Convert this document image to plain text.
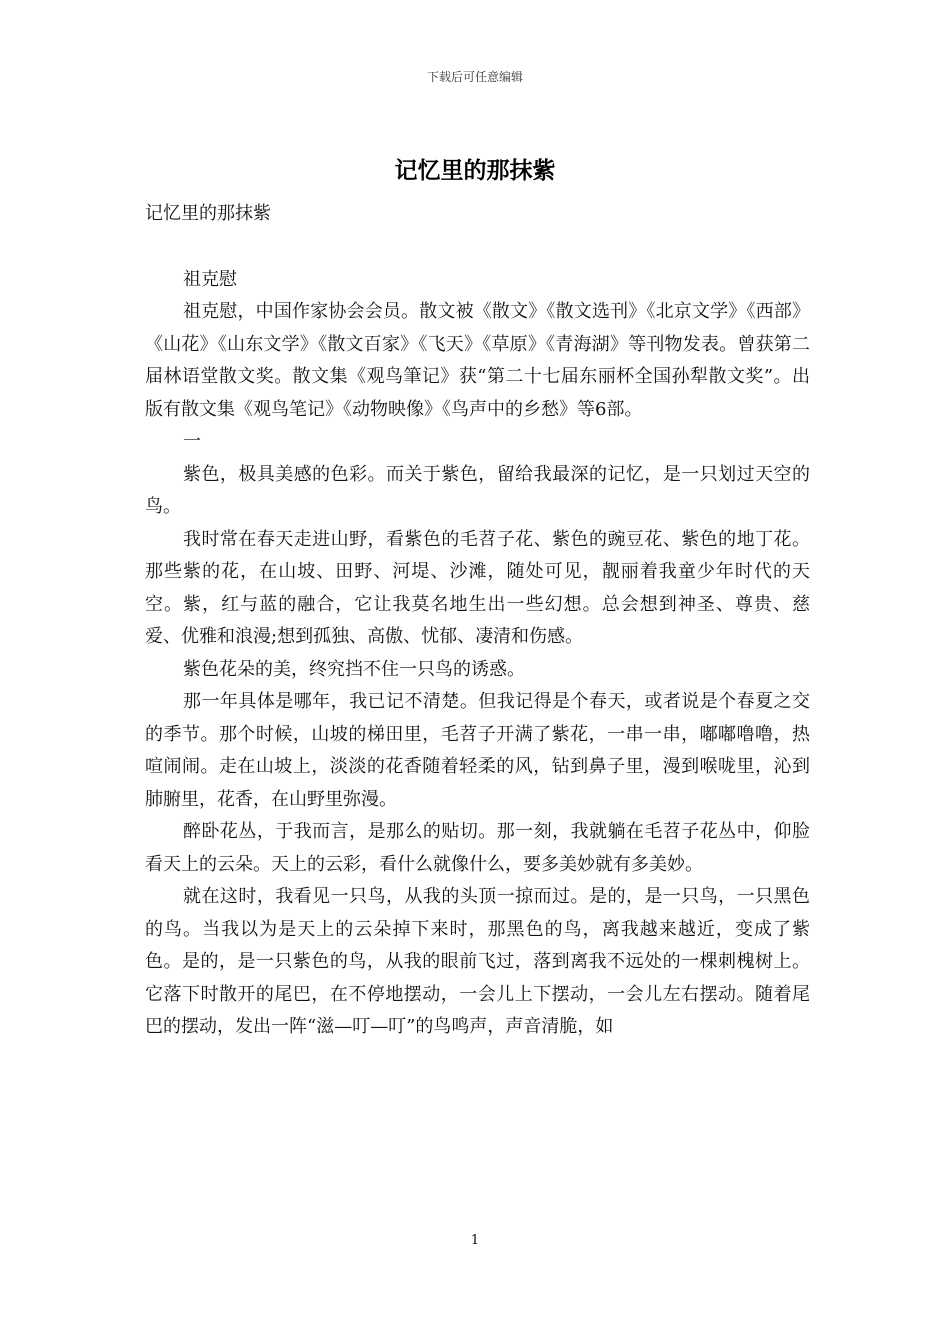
下载后可任意编辑
记忆里的那抹紫

记忆里的那抹紫

祖克慰

祖克慰，中国作家协会会员。散文被《散文》《散文选刊》《北京文学》《西部》《山花》《山东文学》《散文百家》《飞天》《草原》《青海湖》等刊物发表。曾获第二届林语堂散文奖。散文集《观鸟筆记》获“第二十七届东丽杯全国孙犁散文奖”。出版有散文集《观鸟笔记》《动物映像》《鸟声中的乡愁》等6部。

一

紫色，极具美感的色彩。而关于紫色，留给我最深的记忆，是一只划过天空的鸟。

我时常在春天走进山野，看紫色的毛苕子花、紫色的豌豆花、紫色的地丁花。那些紫的花，在山坡、田野、河堤、沙滩，随处可见，靓丽着我童少年时代的天空。紫，红与蓝的融合，它让我莫名地生出一些幻想。总会想到神圣、尊贵、慈爱、优雅和浪漫;想到孤独、高傲、忧郁、凄清和伤感。

紫色花朵的美，终究挡不住一只鸟的诱惑。

那一年具体是哪年，我已记不清楚。但我记得是个春天，或者说是个春夏之交的季节。那个时候，山坡的梯田里，毛苕子开满了紫花，一串一串，嘟嘟噜噜，热喧闹闹。走在山坡上，淡淡的花香随着轻柔的风，钻到鼻子里，漫到喉咙里，沁到肺腑里，花香，在山野里弥漫。

醉卧花丛，于我而言，是那么的贴切。那一刻，我就躺在毛苕子花丛中，仰脸看天上的云朵。天上的云彩，看什么就像什么，要多美妙就有多美妙。

就在这时，我看见一只鸟，从我的头顶一掠而过。是的，是一只鸟，一只黑色的鸟。当我以为是天上的云朵掉下来时，那黑色的鸟，离我越来越近，变成了紫色。是的，是一只紫色的鸟，从我的眼前飞过，落到离我不远处的一棵刺槐树上。它落下时散开的尾巴，在不停地摆动，一会儿上下摆动，一会儿左右摆动。随着尾巴的摆动，发出一阵“滋—叮—叮”的鸟鸣声，声音清脆，如

1
